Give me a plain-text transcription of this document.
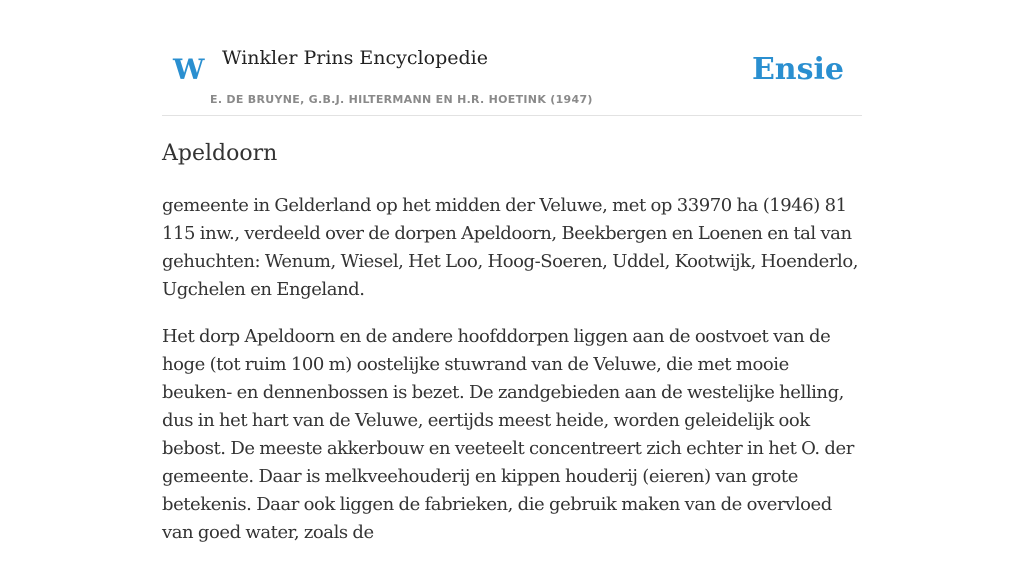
W Winkler Prins Encyclopedie
E. DE BRUYNE, G.B.J. HILTERMANN EN H.R. HOETINK (1947)
Ensie
Apeldoorn

gemeente in Gelderland op het midden der Veluwe, met op 33970 ha (1946) 81 115 inw., verdeeld over de dorpen Apeldoorn, Beekbergen en Loenen en tal van gehuchten: Wenum, Wiesel, Het Loo, Hoog-Soeren, Uddel, Kootwijk, Hoenderlo, Ugchelen en Engeland.

Het dorp Apeldoorn en de andere hoofddorpen liggen aan de oostvoet van de hoge (tot ruim 100 m) oostelijke stuwrand van de Veluwe, die met mooie beuken- en dennenbossen is bezet. De zandgebieden aan de westelijke helling, dus in het hart van de Veluwe, eertijds meest heide, worden geleidelijk ook bebost. De meeste akkerbouw en veeteelt concentreert zich echter in het O. der gemeente. Daar is melkveehouderij en kippen houderij (eieren) van grote betekenis. Daar ook liggen de fabrieken, die gebruik maken van de overvloed van goed water, zoals de
